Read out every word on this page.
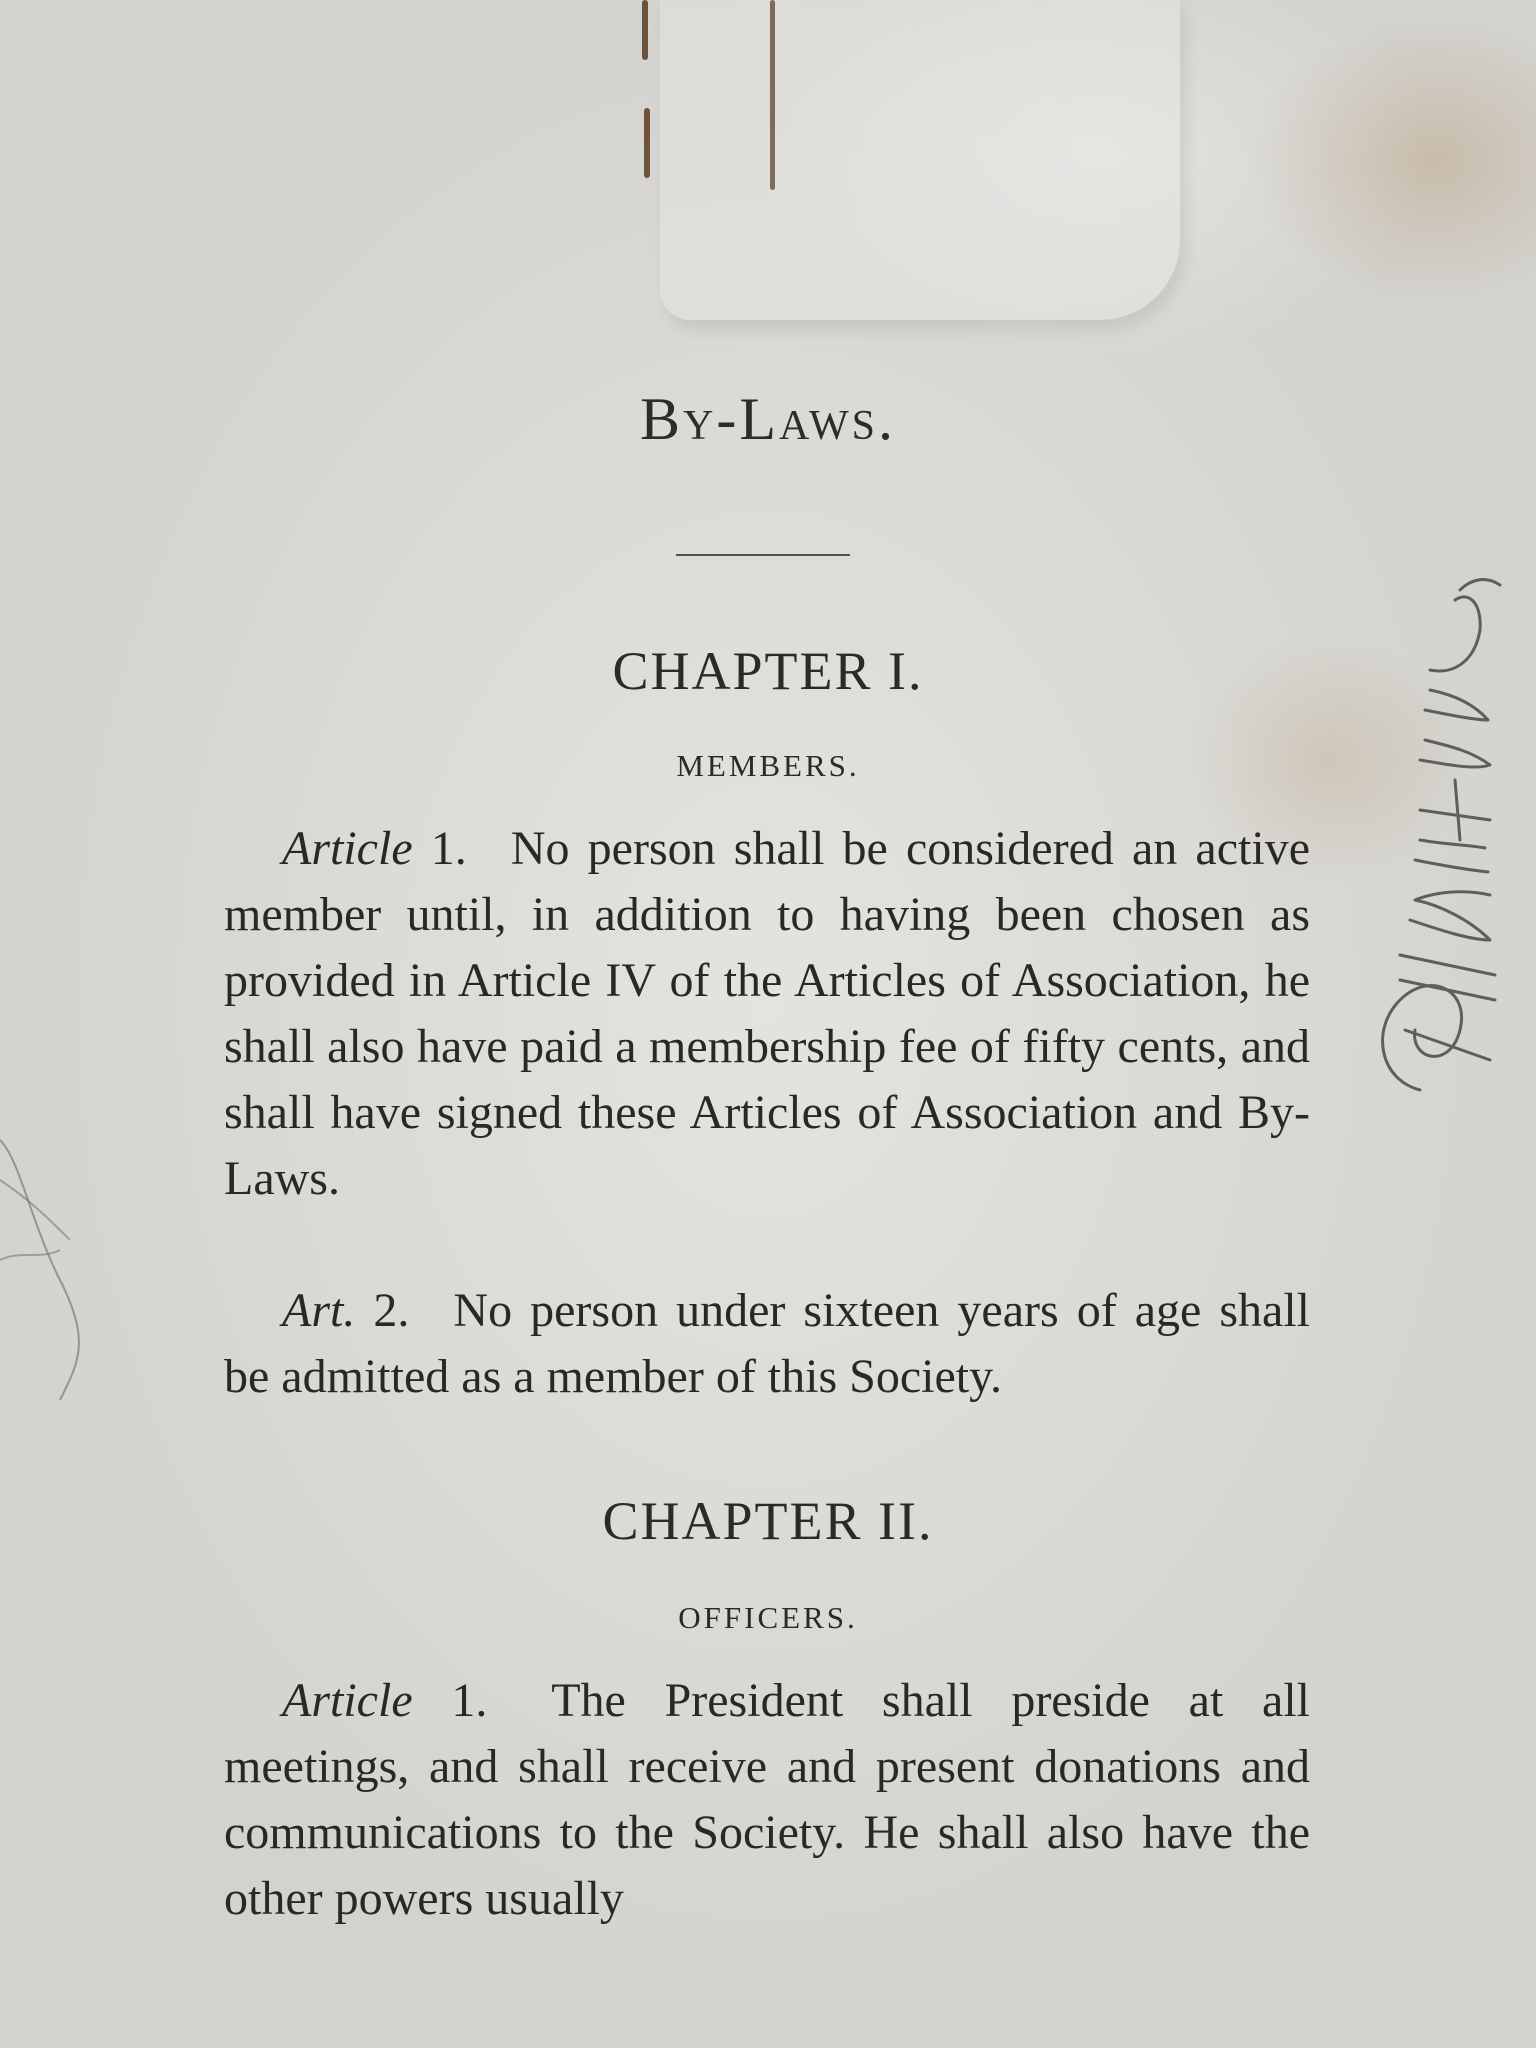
By-Laws.
CHAPTER I.
MEMBERS.

Article 1. No person shall be considered an active member until, in addition to having been chosen as provided in Article IV of the Articles of Association, he shall also have paid a membership fee of fifty cents, and shall have signed these Articles of Association and By-Laws.

Art. 2. No person under sixteen years of age shall be admitted as a member of this Society.

CHAPTER II.
OFFICERS.

Article 1. The President shall preside at all meetings, and shall receive and present donations and communications to the Society. He shall also have the other powers usually
